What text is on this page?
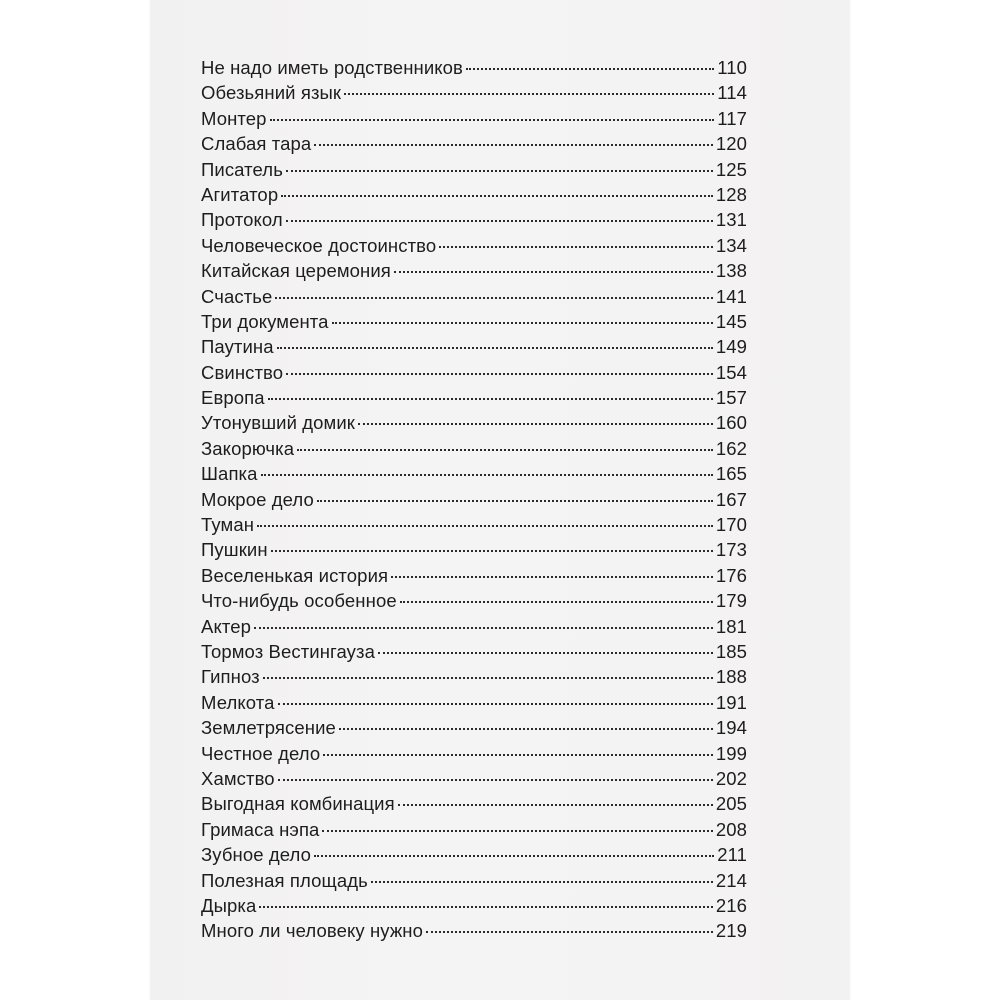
Не надо иметь родственников	110
Обезьяний язык	114
Монтер	117
Слабая тара	120
Писатель	125
Агитатор	128
Протокол	131
Человеческое достоинство	134
Китайская церемония	138
Счастье	141
Три документа	145
Паутина	149
Свинство	154
Европа	157
Утонувший домик	160
Закорючка	162
Шапка	165
Мокрое дело	167
Туман	170
Пушкин	173
Веселенькая история	176
Что-нибудь особенное	179
Актер	181
Тормоз Вестингауза	185
Гипноз	188
Мелкота	191
Землетрясение	194
Честное дело	199
Хамство	202
Выгодная комбинация	205
Гримаса нэпа	208
Зубное дело	211
Полезная площадь	214
Дырка	216
Много ли человеку нужно	219
